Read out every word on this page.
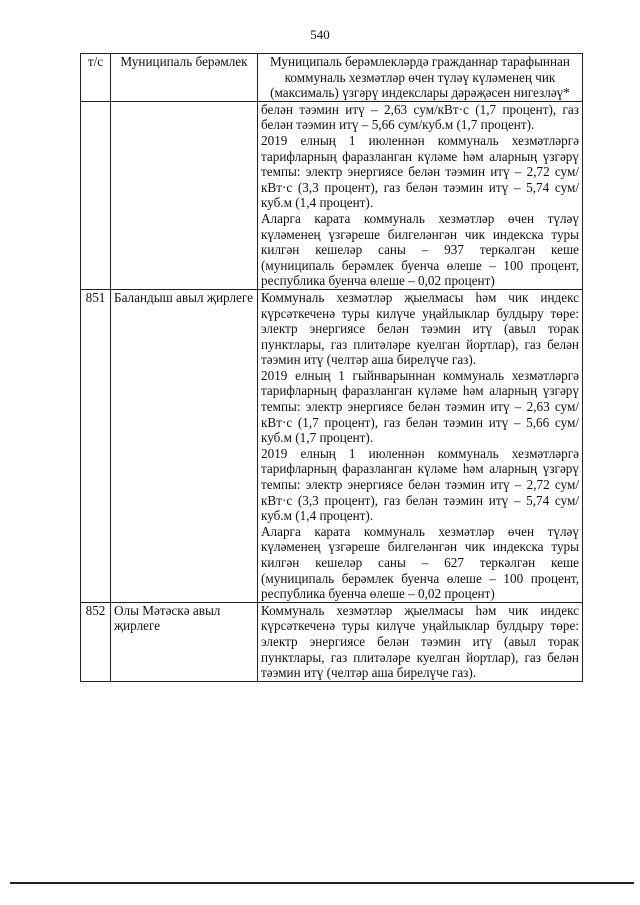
540
т/с	Муниципаль берәмлек	Муниципаль берәмлекләрдә гражданнар тарафыннан коммуналь хезмәтләр өчен түләү күләменең чик (максималь) үзгәрү индекслары дәрәҗәсен нигезләү*

		белән тәэмин итү – 2,63 сум/кВт·с (1,7 процент), газ белән тәэмин итү – 5,66 сум/куб.м (1,7 процент).
2019 елның 1 июленнән коммуналь хезмәтләргә тарифларның фаразланган күләме һәм аларның үзгәрү темпы: электр энергиясе белән тәэмин итү – 2,72 сум/кВт·с (3,3 процент), газ белән тәэмин итү – 5,74 сум/куб.м (1,4 процент).
Аларга карата коммуналь хезмәтләр өчен түләү күләменең үзгәреше билгеләнгән чик индекска туры килгән кешеләр саны – 937 теркәлгән кеше (муниципаль берәмлек буенча өлеше – 100 процент, республика буенча өлеше – 0,02 процент)

851	Баландыш авыл җирлеге	Коммуналь хезмәтләр җыелмасы һәм чик индекс күрсәткеченә туры килүче уңайлыклар булдыру төре: электр энергиясе белән тәэмин итү (авыл торак пунктлары, газ плитәләре куелган йортлар), газ белән тәэмин итү (челтәр аша бирелүче газ).
2019 елның 1 гыйнварыннан коммуналь хезмәтләргә тарифларның фаразланган күләме һәм аларның үзгәрү темпы: электр энергиясе белән тәэмин итү – 2,63 сум/кВт·с (1,7 процент), газ белән тәэмин итү – 5,66 сум/куб.м (1,7 процент).
2019 елның 1 июленнән коммуналь хезмәтләргә тарифларның фаразланган күләме һәм аларның үзгәрү темпы: электр энергиясе белән тәэмин итү – 2,72 сум/кВт·с (3,3 процент), газ белән тәэмин итү – 5,74 сум/куб.м (1,4 процент).
Аларга карата коммуналь хезмәтләр өчен түләү күләменең үзгәреше билгеләнгән чик индекска туры килгән кешеләр саны – 627 теркәлгән кеше (муниципаль берәмлек буенча өлеше – 100 процент, республика буенча өлеше – 0,02 процент)

852	Олы Мәтәскә авыл җирлеге	Коммуналь хезмәтләр җыелмасы һәм чик индекс күрсәткеченә туры килүче уңайлыклар булдыру төре: электр энергиясе белән тәэмин итү (авыл торак пунктлары, газ плитәләре куелган йортлар), газ белән тәэмин итү (челтәр аша бирелүче газ).
